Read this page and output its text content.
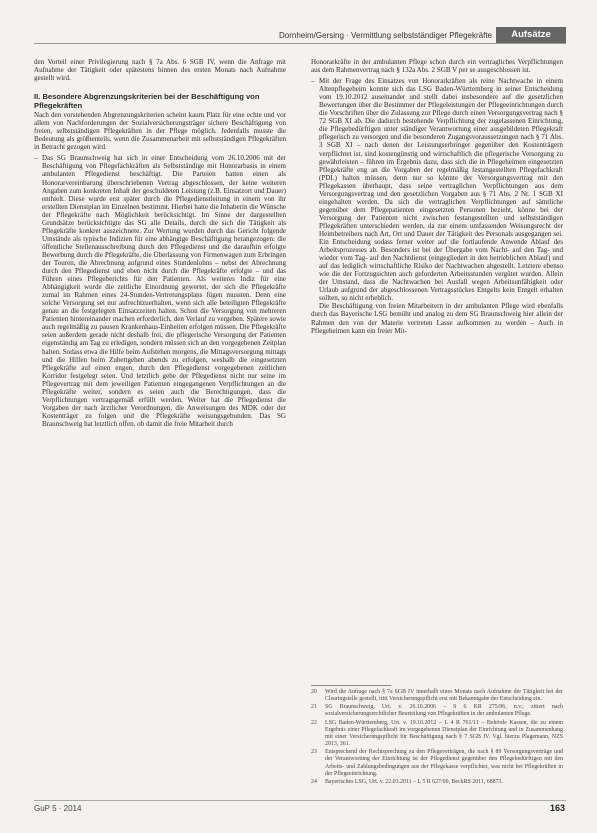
Aufsätze
Dornheim/Gersing · Vermittlung selbstständiger Pflegekräfte

den Vorteil einer Privilegierung nach § 7a Abs. 6 SGB IV, wenn die Anfrage mit Aufnahme der Tätigkeit oder spätestens binnen des ersten Monats nach Aufnahme gestellt wird.

II. Besondere Abgrenzungskriterien bei der Beschäftigung von Pflegekräften

Nach den vorstehenden Abgrenzungskriterien scheint kaum Platz für eine echte und vor allem von Nachforderungen der Sozialversicherungsträger sichere Beschäftigung von freien, selbstständigen Pflegekräften in der Pflege möglich. Jedenfalls musste die Bedeutung als größtenteils, wenn die Zusammenarbeit mit selbstständigen Pflegekräften in Betracht gezogen wird.

– Das SG Braunschweig hat sich in einer Entscheidung vom 26.10.2006 mit der Beschäftigung von Pflegefachkräften als Selbstständige mit Honorarbasis in einem ambulanten Pflegedienst beschäftigt. Die Parteien hatten einen als Honorarvereinbarung überschriebenen Vertrag abgeschlossen, der keine weiteren Angaben zum konkreten Inhalt der geschuldeten Leistung (z.B. Einsatzort und Dauer) enthielt. Diese wurde erst später durch die Pflegedienstleitung in einem von ihr erstellten Dienstplan im Einzelnen bestimmt. Hierbei hatte die Inhaberin die Wünsche der Pflegekräfte nach Möglichkeit berücksichtigt. Im Sinne der dargestellten Grundsätze berücksichtigte das SG alle Details, durch die sich die Tätigkeit als Pflegekräfte konkret auszeichnete. Zur Wertung wurden durch das Gericht folgende Umstände als typische Indizien für eine abhängige Beschäftigung herangezogen: die öffentliche Stellenausschreibung durch den Pflegedienst und die daraufhin erfolgte Bewerbung durch die Pflegekräfte, die Überlassung von Firmenwagen zum Erbringen der Touren, die Abrechnung aufgrund eines Stundenlohns – nebst der Abrechnung durch den Pflegedienst und eben nicht durch die Pflegekräfte erfolgte – und das Führen eines Pflegeberichts für den Patienten. Als weiteres Indiz für eine Abhängigkeit wurde die zeitliche Einordnung gewertet, der sich die Pflegekräfte zumal im Rahmen eines 24-Stunden-Vertretungsplans fügen mussten. Denn eine solche Versorgung sei nur aufrechtzuerhalten, wenn sich alle beteiligten Pflegekräfte genau an die festgelegten Einsatzzeiten halten. Schon die Versorgung von mehreren Patienten hintereinander machen erforderlich, den Verlauf zu vergeben. Spätere sowie auch regelmäßig zu pausen Krankenhaus-Einheiten erfolgen müssen. Die Pflegekräfte seien außerdem gerade nicht deshalb frei, die pflegerische Versorgung der Patienten eigenständig am Tag zu erledigen, sondern müssen sich an den vorgegebenen Zeitplan halten. Sodass etwa die Hilfe beim Aufstehen morgens, die Mittagsversorgung mittags und die Hilfen beim Zubettgehen abends zu erfolgen, weshalb die eingesetzten Pflegekräfte auf einen engen, durch den Pflegedienst vorgegebenen zeitlichen Korridor festgelegt seien. Und letztlich gebe der Pflegedienst nicht nur seine im Pflegevertrag mit dem jeweiligen Patienten eingegangenen Verpflichtungen an die Pflegekräfte weiter, sondern es seien auch die Berechtigungen, dass die Verpflichtungen vertragsgemäß erfüllt werden. Weiter hat die Pflegedienst die Vorgaben der nach ärztlicher Verordnungen, die Anweisungen des MDK oder der Kostenträger zu folgen und die Pflegekräfte weisungsgebunden. Das SG Braunschweig hat letztlich offen, ob damit die freie Mitarbeit durch

Honorarkräfte in der ambulanten Pflege schon durch ein vertragliches Verpflichtungen aus dem Rahmenvertrag nach § 132a Abs. 2 SGB V per se ausgeschlossen ist.

– Mit der Frage des Einsatzes von Honorarkräften als reine Nachtwache in einem Altenpflegeheim konnte sich das LSG Baden-Württemberg in seiner Entscheidung vom 19.10.2012 auseinander und stellt dabei insbesondere auf die gesetzlichen Bewertungen über die Bestimmer der Pflegeleistungen der Pflegeeinrichtungen durch die Vorschriften über die Zulassung zur Pflege durch einen Versorgungsvertrag nach § 72 SGB XI ab. Die dadurch bestehende Verpflichtung der zugelassenen Einrichtung, die Pflegebedürftigen unter ständiger Verantwortung einer ausgebildeten Pflegekraft pflegerisch zu versorgen und die besonderen Zugangsvoraussetzungen nach § 71 Abs. 3 SGB XI – nach denen der Leistungserbringer gegenüber den Kostenträgern verpflichtet ist, sind kostengünstig und wirtschaftlich die pflegerische Versorgung zu gewährleisten – führen im Ergebnis dazu, dass sich die in Pflegeheimen eingesetzten Pflegekräfte eng an die Vorgaben der regelmäßig festangestellten Pflegefachkraft (PDL) halten müssen, denn nur so könnte der Versorgungsvertrag mit den Pflegekassen überhaupt, dass seine vertraglichen Verpflichtungen aus dem Versorgungsvertrag und den gesetzlichen Vorgaben aus § 71 Abs. 2 Nr. 1 SGB XI eingehalten werden. Da sich die vertraglichen Verpflichtungen auf sämtliche gegenüber dem Pflegepatienten eingesetzten Personen bezieht, könne bei der Versorgung der Patienten nicht zwischen festangestellten und selbstständigen Pflegekräften unterschieden werden, da zur einem umfassenden Weisungsrecht der Heimbetreibers nach Art, Ort und Dauer der Tätigkeit des Personals ausgegangen sei. Ein Entscheidung sodass ferner weiter auf die fortlaufende Anwende Ablauf des Arbeitsprozesses ab. Besonders ist bei der Übergabe vom Nacht- auf den Tag- und wieder vom Tag- auf den Nachtdienst (eingegliedert in den betrieblichen Ablauf) und auf das lediglich wirtschaftliche Risiko der Nachtwachen abgestellt. Letztere ebenso wie die der Fortzugsichten auch geforderten Arbeitsstunden vergütet wurden. Allein der Umstand, dass die Nachtwachen bei Ausfall wegen Arbeitsunfähigkeit oder Urlaub aufgrund der abgeschlossenen Vertragsstückes Entgelts kein Entgelt erhalten sollten, so nicht erheblich.

Die Beschäftigung von freien Mitarbeitern in der ambulanten Pflege wird ebenfalls durch das Bayerische LSG bemüht und analog zu dem SG Braunschweig hier allein der Rahmen den von der Materie vertreten Lasse aufkommen zu werden – Auch in Pflegeheimen kann ein freier Mit-

20	Wird die Anfrage nach § 7a SGB IV innerhalb eines Monats nach Aufnahme der Tätigkeit bei der Clearingstelle gestellt, tritt Versicherungspflicht erst mit Bekanntgabe der Entscheidung ein.
21	SG Braunschweig, Urt. v. 26.10.2006 – S 6 KR 275/06, n.v.; zitiert nach sozialversicherungsrechtlicher Beurteilung von Pflegekräften in der ambulanten Pflege.
22	LSG Baden-Württemberg, Urt. v. 19.10.2012 – L 4 R 761/11 – Behörde Kassen, die zu einem Ergebnis einer Pflegefachkraft im vorgegebenen Dienstplan der Einrichtung und in Zusammenhang mit einer Versicherungspflicht für Beschäftigung nach § 7 SGB IV. Vgl. hierzu Plagemann, NZS 2013, 361.
23	Entsprechend der Rechtsprechung zu den Pflegeverträgen, die nach § 89 Versorgungsverträge und der Verantwortung der Einrichtung ist der Pflegedienst gegenüber den Pflegebedürftigen mit den Arbeits- und Zahlungsbedingungen aus der Pflegekasse verpflichtet, was nicht bei Pflegekräften in der Pflegeeinrichtung.
24	Bayerisches LSG, Urt. v. 22.03.2011 – L 5 R 627/09, BeckRS 2011, 68873.
GuP 5 · 2014	163
